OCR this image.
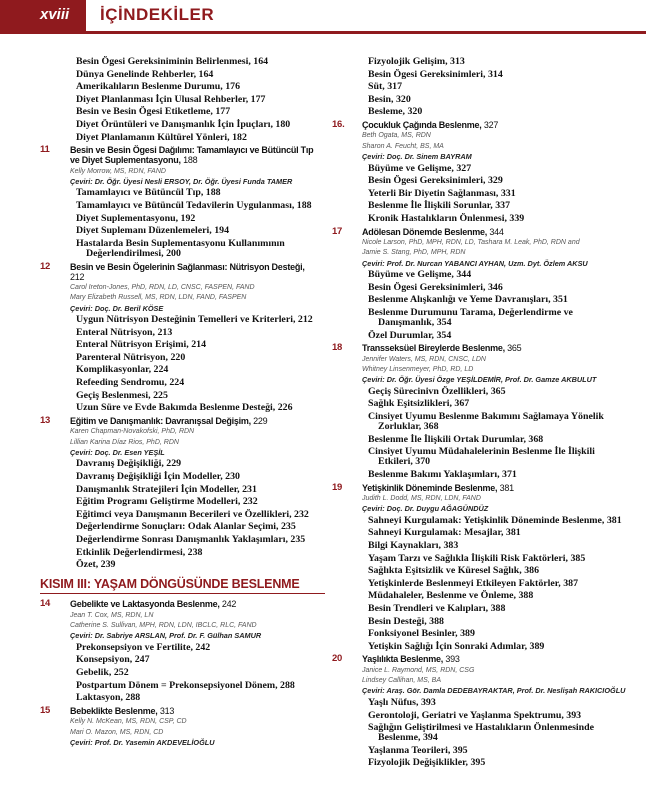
xviii İÇİNDEKİLER
Besin Ögesi Gereksiniminin Belirlenmesi, 164
Dünya Genelinde Rehberler, 164
Amerikalıların Beslenme Durumu, 176
Diyet Planlanması İçin Ulusal Rehberler, 177
Besin ve Besin Ögesi Etiketleme, 177
Diyet Örüntüleri ve Danışmanlık İçin İpuçları, 180
Diyet Planlamanın Kültürel Yönleri, 182
11 Besin ve Besin Ögesi Dağılımı: Tamamlayıcı ve Bütüncül Tıp ve Diyet Suplementasyonu, 188
Kelly Morrow, MS, RDN, FAND
Çeviri: Dr. Öğr. Üyesi Nesli ERSOY, Dr. Öğr. Üyesi Funda TAMER
Tamamlayıcı ve Bütüncül Tıp, 188
Tamamlayıcı ve Bütüncül Tedavilerin Uygulanması, 188
Diyet Suplementasyonu, 192
Diyet Suplemanı Düzenlemeleri, 194
Hastalarda Besin Suplementasyonu Kullanımının Değerlendirilmesi, 200
12 Besin ve Besin Ögelerinin Sağlanması: Nütrisyon Desteği, 212
Carol Ireton-Jones, PhD, RDN, LD, CNSC, FASPEN, FAND
Mary Elizabeth Russell, MS, RDN, LDN, FAND, FASPEN
Çeviri: Doç. Dr. Beril KÖSE
Uygun Nütrisyon Desteğinin Temelleri ve Kriterleri, 212
Enteral Nütrisyon, 213
Enteral Nütrisyon Erişimi, 214
Parenteral Nütrisyon, 220
Komplikasyonlar, 224
Refeeding Sendromu, 224
Geçiş Beslenmesi, 225
Uzun Süre ve Evde Bakımda Beslenme Desteği, 226
13 Eğitim ve Danışmanlık: Davranışsal Değişim, 229
Karen Chapman-Novakofski, PhD, RDN
Lillian Karina Díaz Rios, PhD, RDN
Çeviri: Doç. Dr. Esen YEŞİL
Davranış Değişikliği, 229
Davranış Değişikliği İçin Modeller, 230
Danışmanlık Stratejileri İçin Modeller, 231
Eğitim Programı Geliştirme Modelleri, 232
Eğitimci veya Danışmanın Becerileri ve Özellikleri, 232
Değerlendirme Sonuçları: Odak Alanlar Seçimi, 235
Değerlendirme Sonrası Danışmanlık Yaklaşımları, 235
Etkinlik Değerlendirmesi, 238
Özet, 239
KISIM III: YAŞAM DÖNGÜSÜNDE BESLENME
14 Gebelikte ve Laktasyonda Beslenme, 242
Jean T. Cox, MS, RDN, LN
Catherine S. Sullivan, MPH, RDN, LDN, IBCLC, RLC, FAND
Çeviri: Dr. Sabriye ARSLAN, Prof. Dr. F. Gülhan SAMUR
Prekonsepsiyon ve Fertilite, 242
Konsepsiyon, 247
Gebelik, 252
Postpartum Dönem = Prekonsepsiyonel Dönem, 288
Laktasyon, 288
15 Bebeklikte Beslenme, 313
Kelly N. McKean, MS, RDN, CSP, CD
Mari O. Mazon, MS, RDN, CD
Çeviri: Prof. Dr. Yasemin AKDEVELİOĞLU
Fizyolojik Gelişim, 313
Besin Ögesi Gereksinimleri, 314
Süt, 317
Besin, 320
Besleme, 320
16. Çocukluk Çağında Beslenme, 327
Beth Ogata, MS, RDN
Sharon A. Feucht, BS, MA
Çeviri: Doç. Dr. Sinem BAYRAM
Büyüme ve Gelişme, 327
Besin Ögesi Gereksinimleri, 329
Yeterli Bir Diyetin Sağlanması, 331
Beslenme İle İlişkili Sorunlar, 337
Kronik Hastalıkların Önlenmesi, 339
17 Adölesan Dönemde Beslenme, 344
Nicole Larson, PhD, MPH, RDN, LD, Tashara M. Leak, PhD, RDN and
Jamie S. Stang, PhD, MPH, RDN
Çeviri: Prof. Dr. Nurcan YABANCI AYHAN, Uzm. Dyt. Özlem AKSU
Büyüme ve Gelişme, 344
Besin Ögesi Gereksinimleri, 346
Beslenme Alışkanlığı ve Yeme Davranışları, 351
Beslenme Durumunu Tarama, Değerlendirme ve Danışmanlık, 354
Özel Durumlar, 354
18 Transseksüel Bireylerde Beslenme, 365
Jennifer Waters, MS, RDN, CNSC, LDN
Whitney Linsenmeyer, PhD, RD, LD
Çeviri: Dr. Öğr. Üyesi Özge YEŞİLDEMİR, Prof. Dr. Gamze AKBULUT
Geçiş Sürecinivn Özellikleri, 365
Sağlık Eşitsizlikleri, 367
Cinsiyet Uyumu Beslenme Bakımını Sağlamaya Yönelik Zorluklar, 368
Beslenme İle İlişkili Ortak Durumlar, 368
Cinsiyet Uyumu Müdahalelerinin Beslenme İle İlişkili Etkileri, 370
Beslenme Bakımı Yaklaşımları, 371
19 Yetişkinlik Döneminde Beslenme, 381
Judith L. Dodd, MS, RDN, LDN, FAND
Çeviri: Doç. Dr. Duygu AĞAGÜNDÜZ
Sahneyi Kurgulamak: Yetişkinlik Döneminde Beslenme, 381
Sahneyi Kurgulamak: Mesajlar, 381
Bilgi Kaynakları, 383
Yaşam Tarzı ve Sağlıkla İlişkili Risk Faktörleri, 385
Sağlıkta Eşitsizlik ve Küresel Sağlık, 386
Yetişkinlerde Beslenmeyi Etkileyen Faktörler, 387
Müdahaleler, Beslenme ve Önleme, 388
Besin Trendleri ve Kalıpları, 388
Besin Desteği, 388
Fonksiyonel Besinler, 389
Yetişkin Sağlığı İçin Sonraki Adımlar, 389
20 Yaşlılıkta Beslenme, 393
Janice L. Raymond, MS, RDN, CSG
Lindsey Callihan, MS, BA
Çeviri: Araş. Gör. Damla DEDEBAYRAKTAR, Prof. Dr. Neslişah RAKICIOĞLU
Yaşlı Nüfus, 393
Gerontoloji, Geriatri ve Yaşlanma Spektrumu, 393
Sağlığın Geliştirilmesi ve Hastalıkların Önlenmesinde Beslenme, 394
Yaşlanma Teorileri, 395
Fizyolojik Değişiklikler, 395
